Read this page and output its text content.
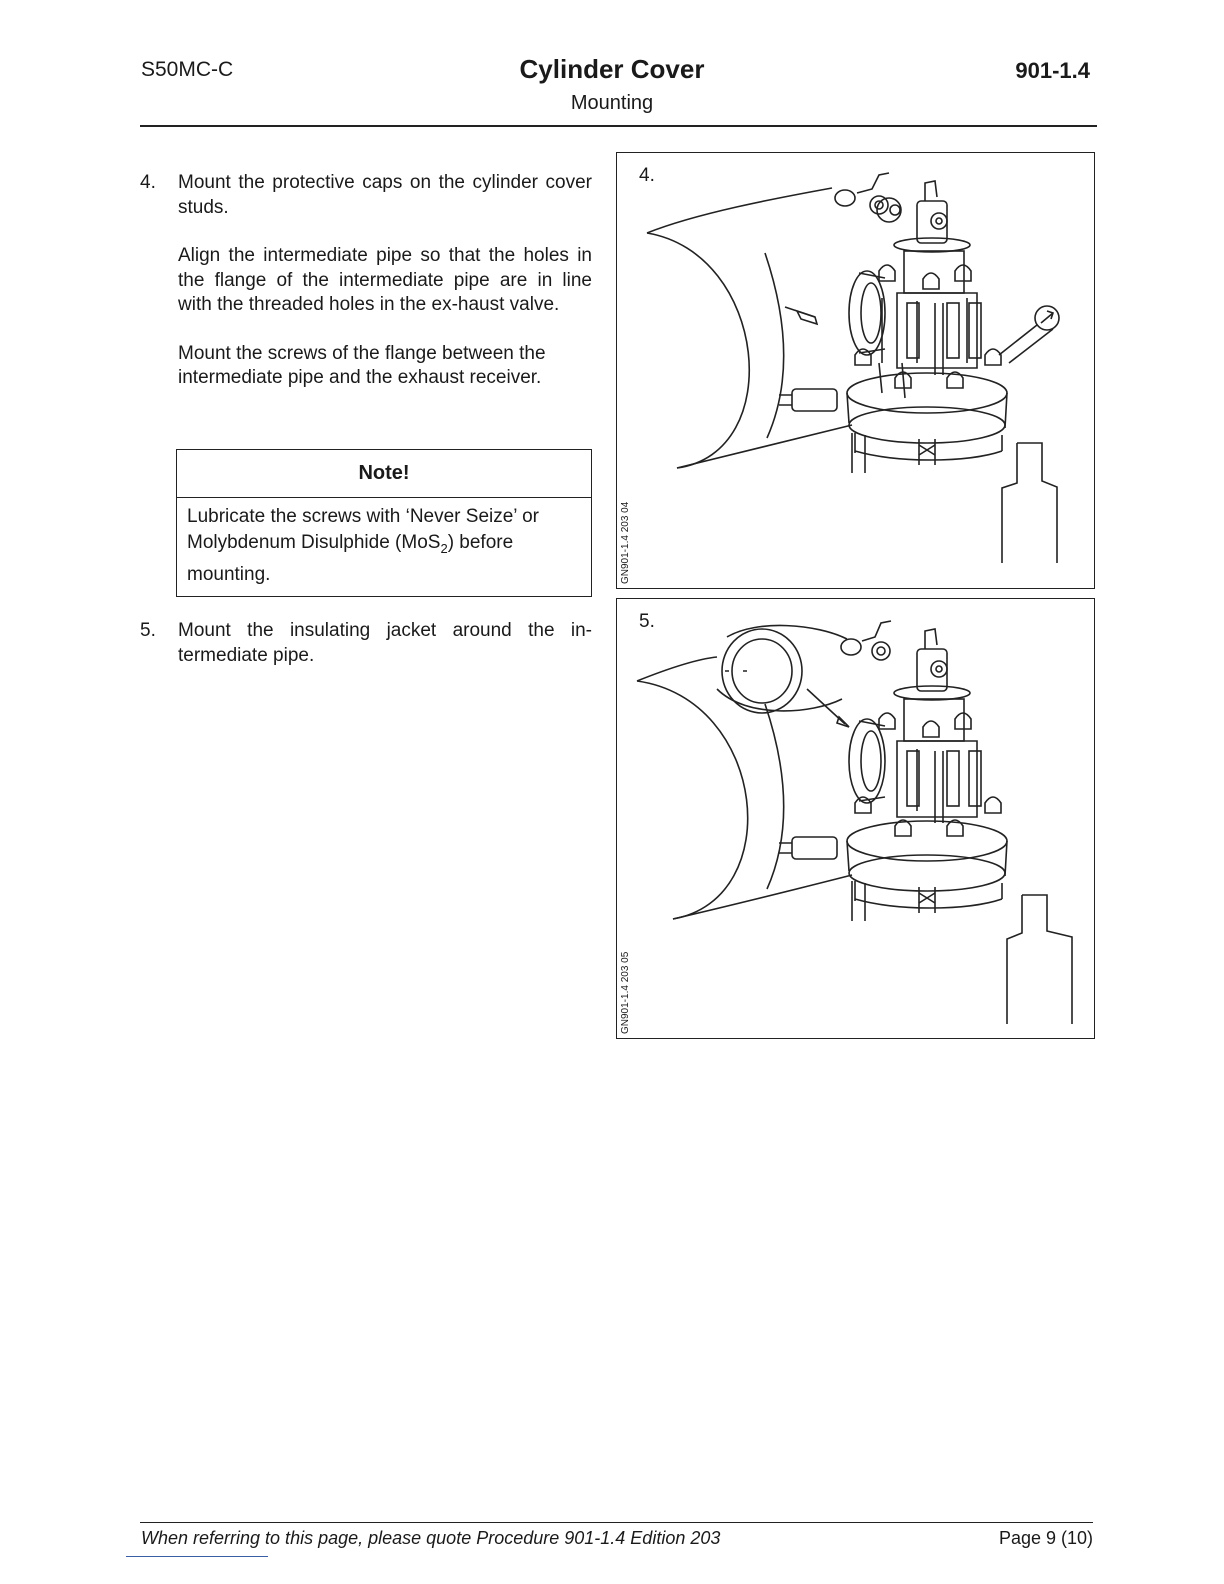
S50MC-C	Cylinder Cover
Mounting
901-1.4
4. Mount the protective caps on the cylinder cover studs.

Align the intermediate pipe so that the holes in the flange of the intermediate pipe are in line with the threaded holes in the ex-haust valve.

Mount the screws of the flange between the intermediate pipe and the exhaust receiver.

Note!
Lubricate the screws with ‘Never Seize’ or Molybdenum Disulphide (MoS$_2$) before mounting.
5. Mount the insulating jacket around the in-termediate pipe.

4.
GN901-1.4 203 04
5.
GN901-1.4 203 05
When referring to this page, please quote Procedure 901-1.4 Edition 203	Page 9 (10)
